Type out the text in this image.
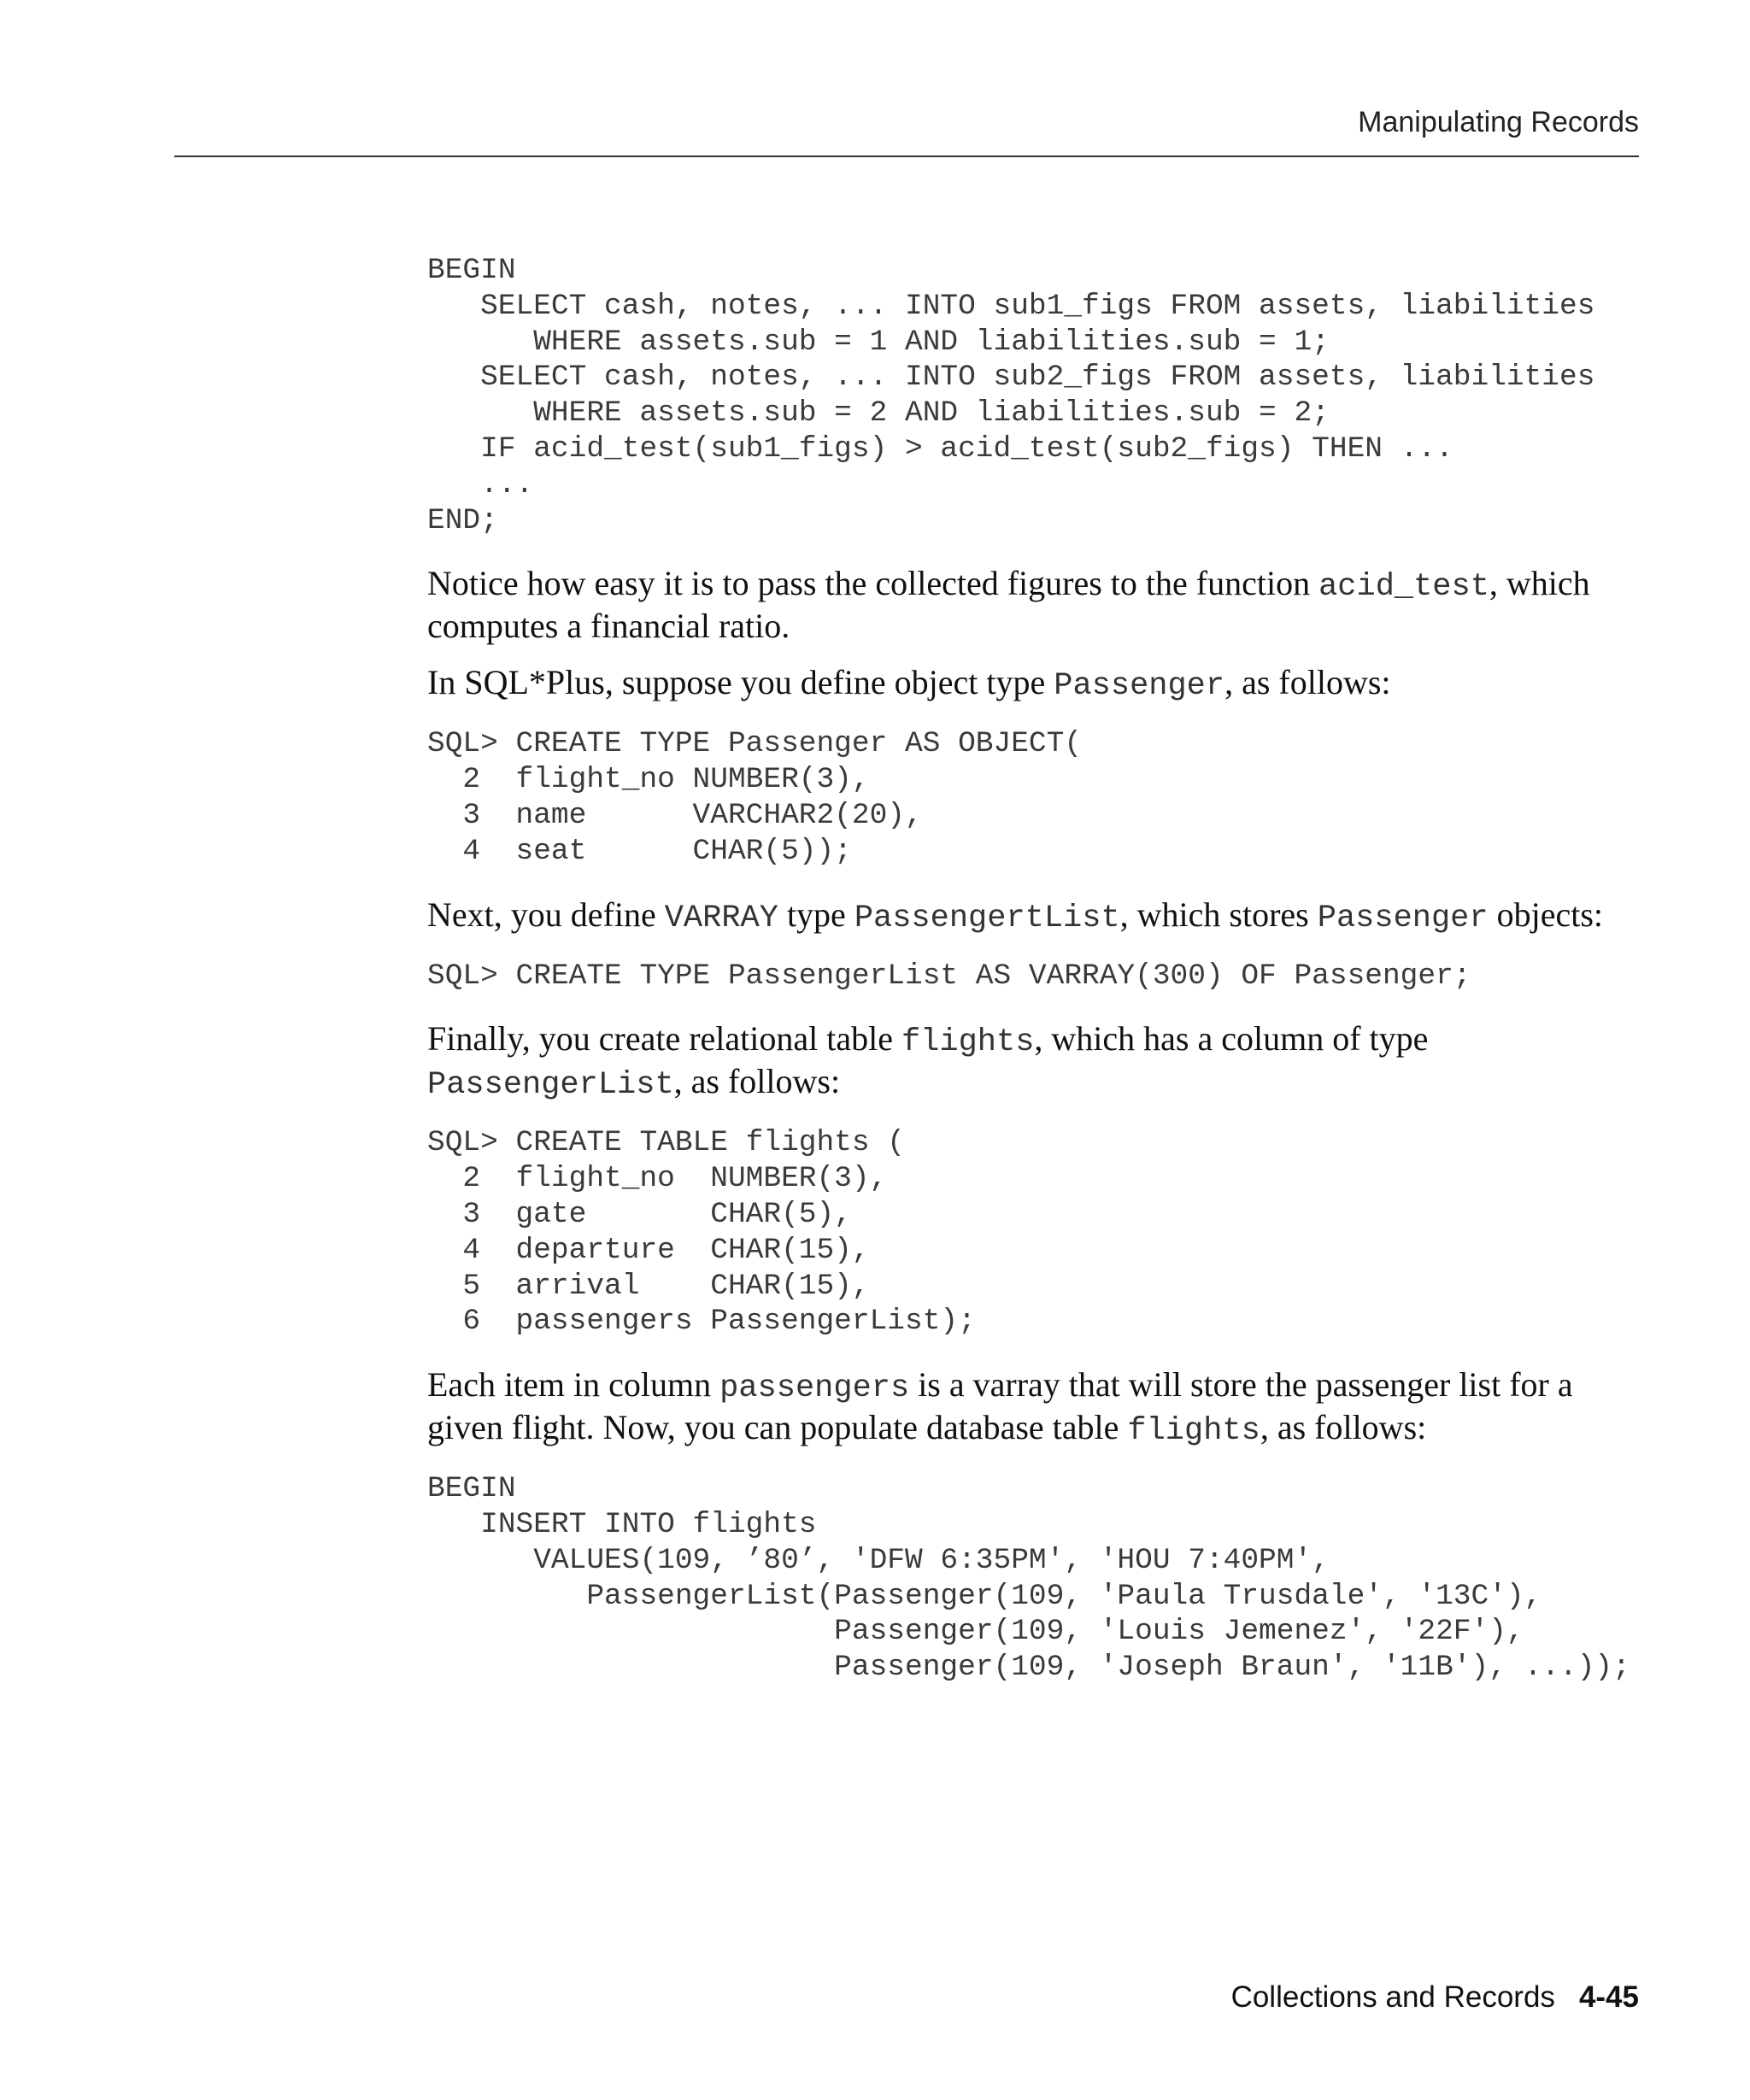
Manipulating Records
BEGIN
SELECT cash, notes, ... INTO sub1_figs FROM assets, liabilities
WHERE assets.sub = 1 AND liabilities.sub = 1;
SELECT cash, notes, ... INTO sub2_figs FROM assets, liabilities
WHERE assets.sub = 2 AND liabilities.sub = 2;
IF acid_test(sub1_figs) > acid_test(sub2_figs) THEN ...
...
END;

Notice how easy it is to pass the collected figures to the function acid_test, which computes a financial ratio.

In SQL*Plus, suppose you define object type Passenger, as follows:

SQL> CREATE TYPE Passenger AS OBJECT(
2  flight_no NUMBER(3),
3  name      VARCHAR2(20),
4  seat      CHAR(5));

Next, you define VARRAY type PassengertList, which stores Passenger objects:

SQL> CREATE TYPE PassengerList AS VARRAY(300) OF Passenger;

Finally, you create relational table flights, which has a column of type PassengerList, as follows:

SQL> CREATE TABLE flights (
2  flight_no  NUMBER(3),
3  gate       CHAR(5),
4  departure  CHAR(15),
5  arrival    CHAR(15),
6  passengers PassengerList);

Each item in column passengers is a varray that will store the passenger list for a given flight. Now, you can populate database table flights, as follows:

BEGIN
INSERT INTO flights
VALUES(109, ’80’, 'DFW 6:35PM', 'HOU 7:40PM',
PassengerList(Passenger(109, 'Paula Trusdale', '13C'),
Passenger(109, 'Louis Jemenez', '22F'),
Passenger(109, 'Joseph Braun', '11B'), ...));
Collections and Records 4-45
